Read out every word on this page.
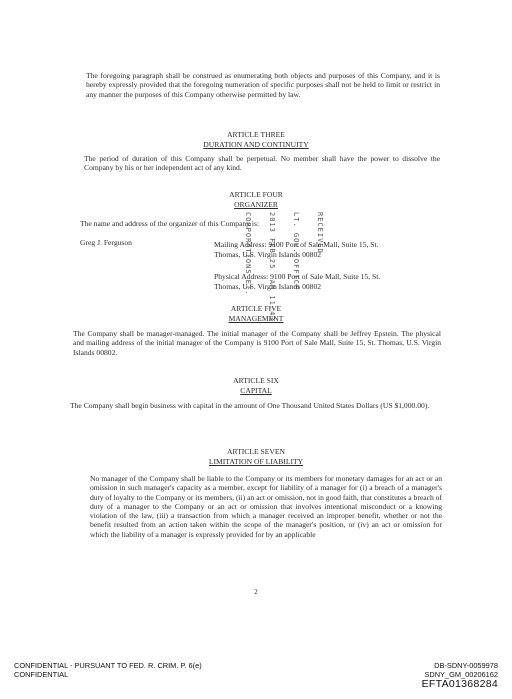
The foregoing paragraph shall be construed as enumerating both objects and purposes of this Company, and it is hereby expressly provided that the foregoing numeration of specific purposes shall not be held to limit or restrict in any manner the purposes of this Company otherwise permitted by law.

ARTICLE THREE
DURATION AND CONTINUITY

The period of duration of this Company shall be perpetual. No member shall have the power to dissolve the Company by his or her independent act of any kind.

ARTICLE FOUR
ORGANIZER
The name and address of the organizer of this Company is:
Greg J. Ferguson	Mailing Address: 9100 Port of Sale Mall, Suite 15, St.
Thomas, U.S. Virgin Islands 00802
Physical Address: 9100 Port of Sale Mall, Suite 15, St.
Thomas, U.S. Virgin Islands 00802

RECEIVED

LT. GOV. OFFICE

2013 FEB 25  AM 11:43

CORPORATIONS ET.

ARTICLE FIVE
MANAGEMENT

The Company shall be manager-managed. The initial manager of the Company shall be Jeffrey Epstein. The physical and mailing address of the initial manager of the Company is 9100 Port of Sale Mall, Suite 15, St. Thomas, U.S. Virgin Islands 00802.

ARTICLE SIX
CAPITAL

The Company shall begin business with capital in the amount of One Thousand United States Dollars (US $1,000.00).

ARTICLE SEVEN
LIMITATION OF LIABILITY

No manager of the Company shall be liable to the Company or its members for monetary damages for an act or an omission in such manager's capacity as a member, except for liability of a manager for (i) a breach of a manager's duty of loyalty to the Company or its members, (ii) an act or omission, not in good faith, that constitutes a breach of duty of a manager to the Company or an act or omission that involves intentional misconduct or a knowing violation of the law, (iii) a transaction from which a manager received an improper benefit, whether or not the benefit resulted from an action taken within the scope of the manager's position, or (iv) an act or omission for which the liability of a manager is expressly provided for by an applicable

2
CONFIDENTIAL - PURSUANT TO FED. R. CRIM. P. 6(e)
CONFIDENTIAL
DB-SDNY-0059978
SDNY_GM_00206162
EFTA01368284
